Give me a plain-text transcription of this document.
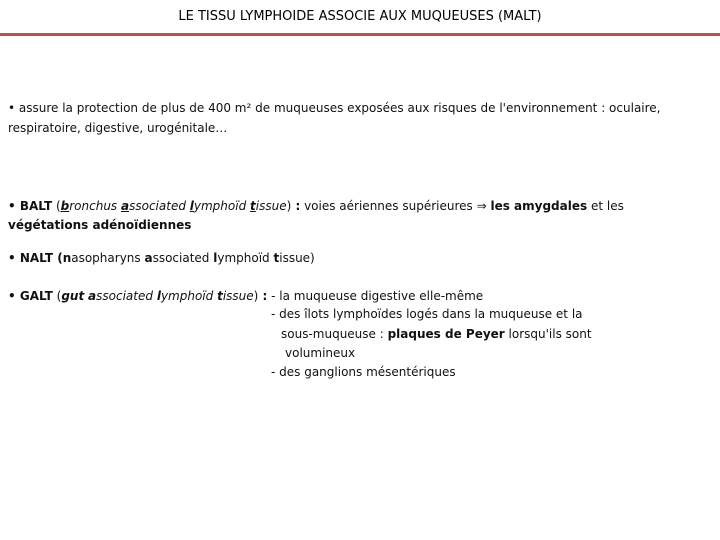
LE TISSU LYMPHOIDE ASSOCIE AUX MUQUEUSES (MALT)
• assure la protection de plus de 400 m² de muqueuses exposées aux risques de l'environnement : oculaire,
respiratoire, digestive, urogénitale…
• BALT (bronchus associated lymphoïd tissue) : voies aériennes supérieures ⇒ les amygdales et les
végétations adénoïdiennes
• NALT (nasopharyns associated lymphoïd tissue)
• GALT (gut associated lymphoïd tissue) : - la muqueuse digestive elle-même
- des îlots lymphoïdes logés dans la muqueuse et la
sous-muqueuse : plaques de Peyer lorsqu'ils sont
volumineux
- des ganglions mésentériques
